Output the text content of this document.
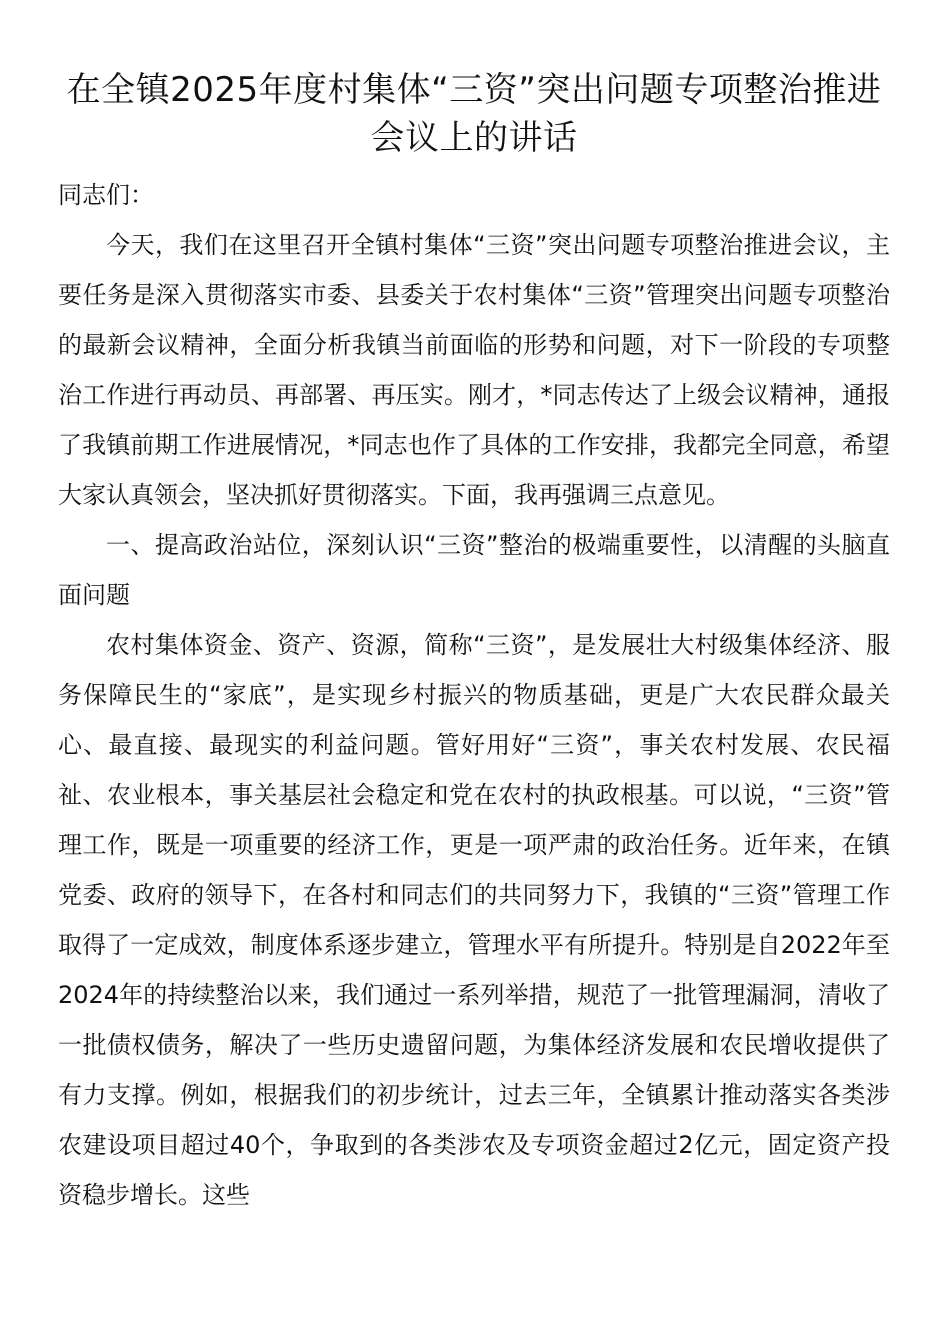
在全镇2025年度村集体“三资”突出问题专项整治推进会议上的讲话

同志们：

今天，我们在这里召开全镇村集体“三资”突出问题专项整治推进会议，主要任务是深入贯彻落实市委、县委关于农村集体“三资”管理突出问题专项整治的最新会议精神，全面分析我镇当前面临的形势和问题，对下一阶段的专项整治工作进行再动员、再部署、再压实。刚才，*同志传达了上级会议精神，通报了我镇前期工作进展情况，*同志也作了具体的工作安排，我都完全同意，希望大家认真领会，坚决抓好贯彻落实。下面，我再强调三点意见。

一、提高政治站位，深刻认识“三资”整治的极端重要性，以清醒的头脑直面问题

农村集体资金、资产、资源，简称“三资”，是发展壮大村级集体经济、服务保障民生的“家底”，是实现乡村振兴的物质基础，更是广大农民群众最关心、最直接、最现实的利益问题。管好用好“三资”，事关农村发展、农民福祉、农业根本，事关基层社会稳定和党在农村的执政根基。可以说，“三资”管理工作，既是一项重要的经济工作，更是一项严肃的政治任务。近年来，在镇党委、政府的领导下，在各村和同志们的共同努力下，我镇的“三资”管理工作取得了一定成效，制度体系逐步建立，管理水平有所提升。特别是自2022年至2024年的持续整治以来，我们通过一系列举措，规范了一批管理漏洞，清收了一批债权债务，解决了一些历史遗留问题，为集体经济发展和农民增收提供了有力支撑。例如，根据我们的初步统计，过去三年，全镇累计推动落实各类涉农建设项目超过40个，争取到的各类涉农及专项资金超过2亿元，固定资产投资稳步增长。这些
